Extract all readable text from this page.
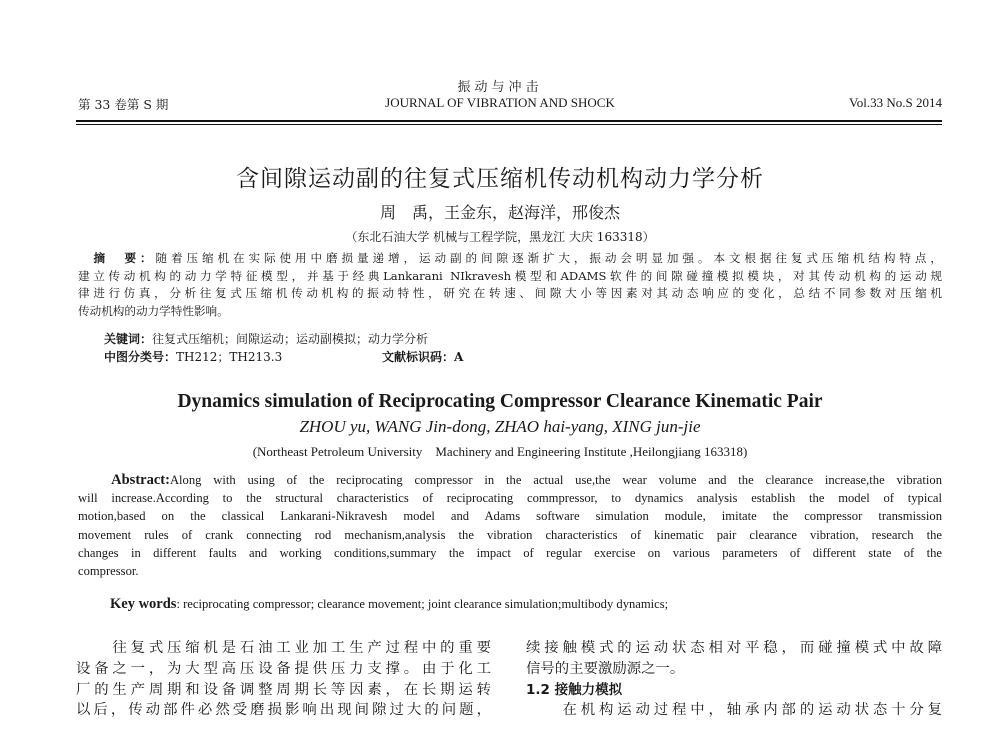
振动与冲击
第 33 卷第 S 期	JOURNAL OF VIBRATION AND SHOCK	Vol.33 No.S 2014
含间隙运动副的往复式压缩机传动机构动力学分析
周　禹，王金东，赵海洋，邢俊杰
（东北石油大学 机械与工程学院，黑龙江 大庆 163318）
　摘　要：随着压缩机在实际使用中磨损量递增，运动副的间隙逐渐扩大，振动会明显加强。本文根据往复式压缩机结构特点，
建立传动机构的动力学特征模型，并基于经典Lankarani NIkravesh模型和ADAMS软件的间隙碰撞模拟模块，对其传动机构的运动规
律进行仿真，分析往复式压缩机传动机构的振动特性，研究在转速、间隙大小等因素对其动态响应的变化，总结不同参数对压缩机
传动机构的动力学特性影响。
关键词：往复式压缩机；间隙运动；运动副模拟；动力学分析
中图分类号：TH212；TH213.3	文献标识码：A
Dynamics simulation of Reciprocating Compressor Clearance Kinematic Pair
ZHOU yu, WANG Jin-dong, ZHAO hai-yang, XING jun-jie
(Northeast Petroleum University　Machinery and Engineering Institute ,Heilongjiang 163318)
　 Abstract:Along with using of the reciprocating compressor in the actual use,the wear volume and the clearance increase,the vibration
will increase.According to the structural characteristics of reciprocating commpressor, to dynamics analysis establish the model of typical
motion,based on the classical Lankarani-Nikravesh model and Adams software simulation module, imitate the compressor transmission
movement rules of crank connecting rod mechanism,analysis the vibration characteristics of kinematic pair clearance vibration, research the
changes in different faults and working conditions,summary the impact of regular exercise on various parameters of different state of the
compressor.
Key words: reciprocating compressor; clearance movement; joint clearance simulation;multibody dynamics;
　　往复式压缩机是石油工业加工生产过程中的重要
设备之一，为大型高压设备提供压力支撑。由于化工
厂的生产周期和设备调整周期长等因素，在长期运转
以后，传动部件必然受磨损影响出现间隙过大的问题，
续接触模式的运动状态相对平稳，而碰撞模式中故障
信号的主要激励源之一。
1.2 接触力模拟
　　在机构运动过程中，轴承内部的运动状态十分复
